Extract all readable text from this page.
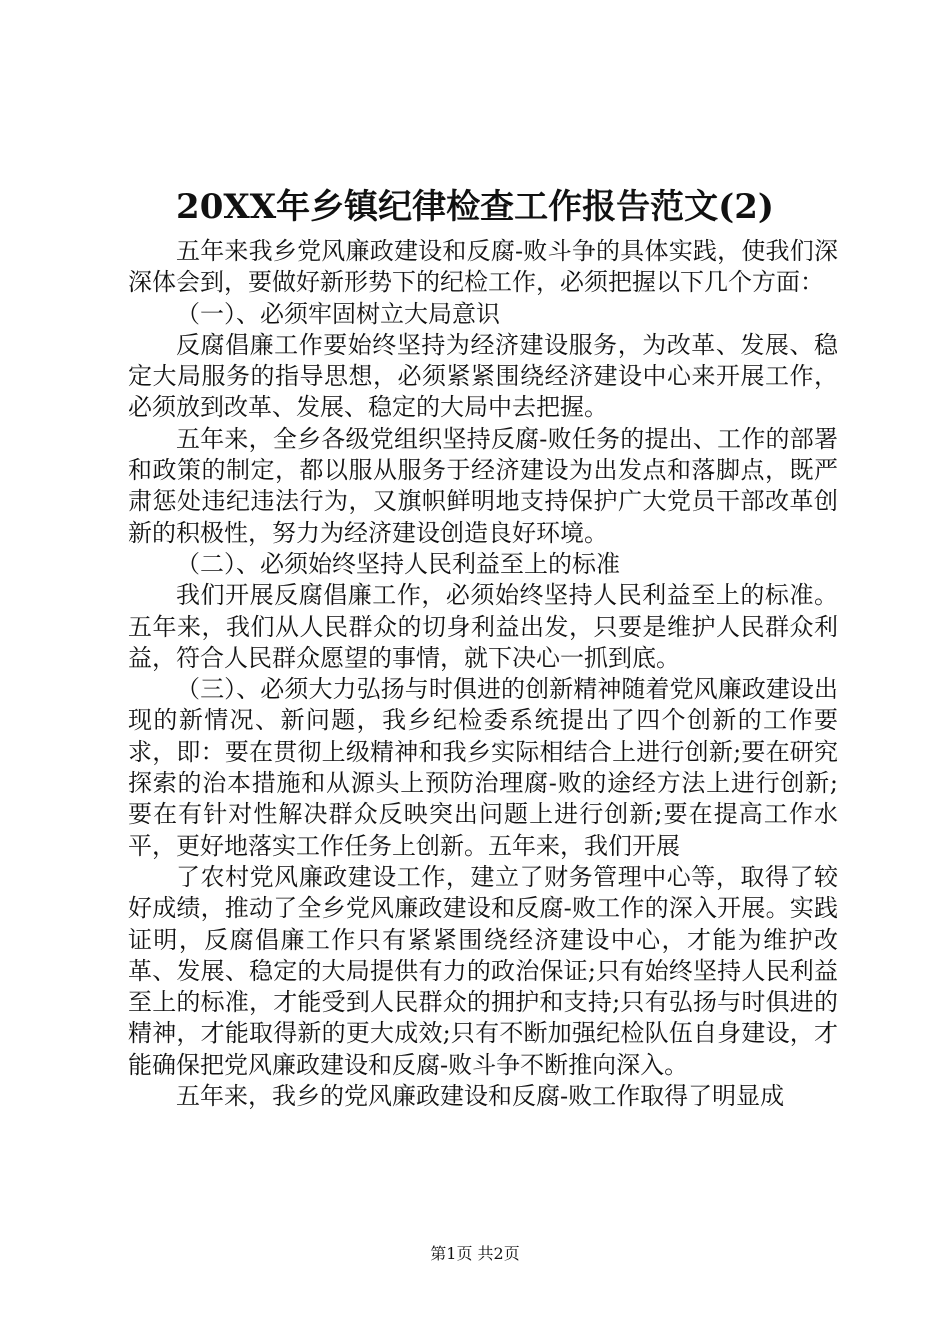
20XX年乡镇纪律检查工作报告范文(2)

五年来我乡党风廉政建设和反腐-败斗争的具体实践，使我们深深体会到，要做好新形势下的纪检工作，必须把握以下几个方面：

（一）、必须牢固树立大局意识

反腐倡廉工作要始终坚持为经济建设服务，为改革、发展、稳定大局服务的指导思想，必须紧紧围绕经济建设中心来开展工作，必须放到改革、发展、稳定的大局中去把握。

五年来，全乡各级党组织坚持反腐-败任务的提出、工作的部署和政策的制定，都以服从服务于经济建设为出发点和落脚点，既严肃惩处违纪违法行为，又旗帜鲜明地支持保护广大党员干部改革创新的积极性，努力为经济建设创造良好环境。

（二）、必须始终坚持人民利益至上的标准

我们开展反腐倡廉工作，必须始终坚持人民利益至上的标准。五年来，我们从人民群众的切身利益出发，只要是维护人民群众利益，符合人民群众愿望的事情，就下决心一抓到底。

（三）、必须大力弘扬与时俱进的创新精神随着党风廉政建设出现的新情况、新问题，我乡纪检委系统提出了四个创新的工作要求，即：要在贯彻上级精神和我乡实际相结合上进行创新;要在研究探索的治本措施和从源头上预防治理腐-败的途经方法上进行创新;要在有针对性解决群众反映突出问题上进行创新;要在提高工作水平，更好地落实工作任务上创新。五年来，我们开展

了农村党风廉政建设工作，建立了财务管理中心等，取得了较好成绩，推动了全乡党风廉政建设和反腐-败工作的深入开展。实践证明，反腐倡廉工作只有紧紧围绕经济建设中心，才能为维护改革、发展、稳定的大局提供有力的政治保证;只有始终坚持人民利益至上的标准，才能受到人民群众的拥护和支持;只有弘扬与时俱进的精神，才能取得新的更大成效;只有不断加强纪检队伍自身建设，才能确保把党风廉政建设和反腐-败斗争不断推向深入。

五年来，我乡的党风廉政建设和反腐-败工作取得了明显成

第1页 共2页
